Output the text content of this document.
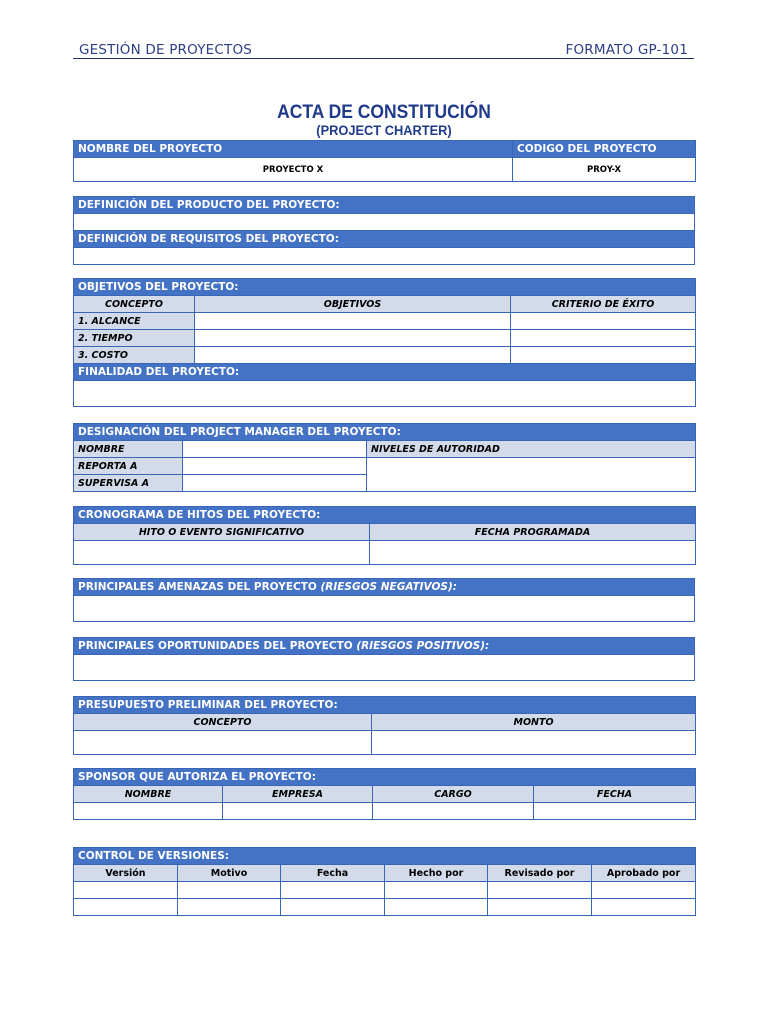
GESTIÓN DE PROYECTOS	FORMATO GP-101
ACTA DE CONSTITUCIÓN
(PROJECT CHARTER)
NOMBRE DEL PROYECTO	CODIGO DEL PROYECTO
PROYECTO X	PROY-X
DEFINICIÓN DEL PRODUCTO DEL PROYECTO:

DEFINICIÓN DE REQUISITOS DEL PROYECTO:

OBJETIVOS DEL PROYECTO:		
CONCEPTO	OBJETIVOS	CRITERIO DE ÉXITO
1. ALCANCE		
2. TIEMPO		
3. COSTO		
FINALIDAD DEL PROYECTO:		

DESIGNACIÓN DEL PROJECT MANAGER DEL PROYECTO:		
NOMBRE		NIVELES DE AUTORIDAD
REPORTA A		
SUPERVISA A		
CRONOGRAMA DE HITOS DEL PROYECTO:	
HITO O EVENTO SIGNIFICATIVO	FECHA PROGRAMADA

PRINCIPALES AMENAZAS DEL PROYECTO (RIESGOS NEGATIVOS):

PRINCIPALES OPORTUNIDADES DEL PROYECTO (RIESGOS POSITIVOS):

PRESUPUESTO PRELIMINAR DEL PROYECTO:	
CONCEPTO	MONTO

SPONSOR QUE AUTORIZA EL PROYECTO:			
NOMBRE	EMPRESA	CARGO	FECHA

CONTROL DE VERSIONES:					
Versión	Motivo	Fecha	Hecho por	Revisado por	Aprobado por
